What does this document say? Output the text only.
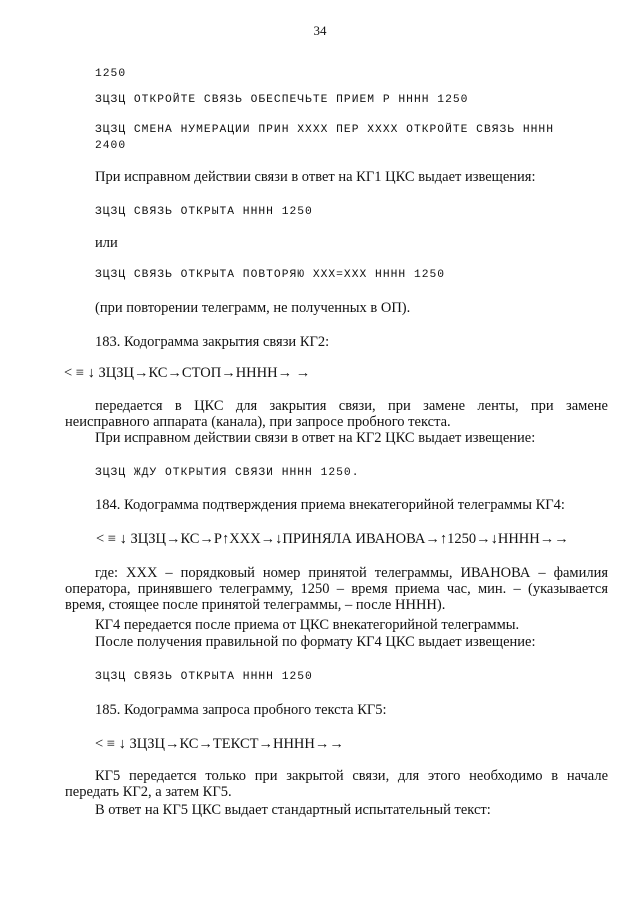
34
1250
ЗЦЗЦ ОТКРОЙТЕ СВЯЗЬ ОБЕСПЕЧЬТЕ ПРИЕМ Р НННН 1250
ЗЦЗЦ СМЕНА НУМЕРАЦИИ ПРИН ХХХХ ПЕР ХХХХ ОТКРОЙТЕ СВЯЗЬ НННН
2400
При исправном действии связи в ответ на КГ1 ЦКС выдает извещения:
ЗЦЗЦ СВЯЗЬ ОТКРЫТА НННН 1250
или
ЗЦЗЦ СВЯЗЬ ОТКРЫТА ПОВТОРЯЮ ХХХ=ХХХ НННН 1250
(при повторении телеграмм, не полученных в ОП).
183. Кодограмма закрытия связи КГ2:
< ≡ ↓ ЗЦЗЦ→КС→СТОП→НННН→ →
передается в ЦКС для закрытия связи, при замене ленты, при замене неисправного аппарата (канала), при запросе пробного текста.
При исправном действии связи в ответ на КГ2 ЦКС выдает извещение:
ЗЦЗЦ ЖДУ ОТКРЫТИЯ СВЯЗИ НННН 1250.
184. Кодограмма подтверждения приема внекатегорийной телеграммы КГ4:
< ≡ ↓ ЗЦЗЦ→КС→Р↑ХХХ→↓ПРИНЯЛА ИВАНОВА→↑1250→↓НННН→→
где: ХХХ – порядковый номер принятой телеграммы, ИВАНОВА – фамилия оператора, принявшего телеграмму, 1250 – время приема час, мин. – (указывается время, стоящее после принятой телеграммы, – после НННН).
КГ4 передается после приема от ЦКС внекатегорийной телеграммы.
После получения правильной по формату КГ4 ЦКС выдает извещение:
ЗЦЗЦ СВЯЗЬ ОТКРЫТА НННН 1250
185. Кодограмма запроса пробного текста КГ5:
< ≡ ↓ ЗЦЗЦ→КС→ТЕКСТ→НННН→→
КГ5 передается только при закрытой связи, для этого необходимо в начале передать КГ2, а затем КГ5.
В ответ на КГ5 ЦКС выдает стандартный испытательный текст:
